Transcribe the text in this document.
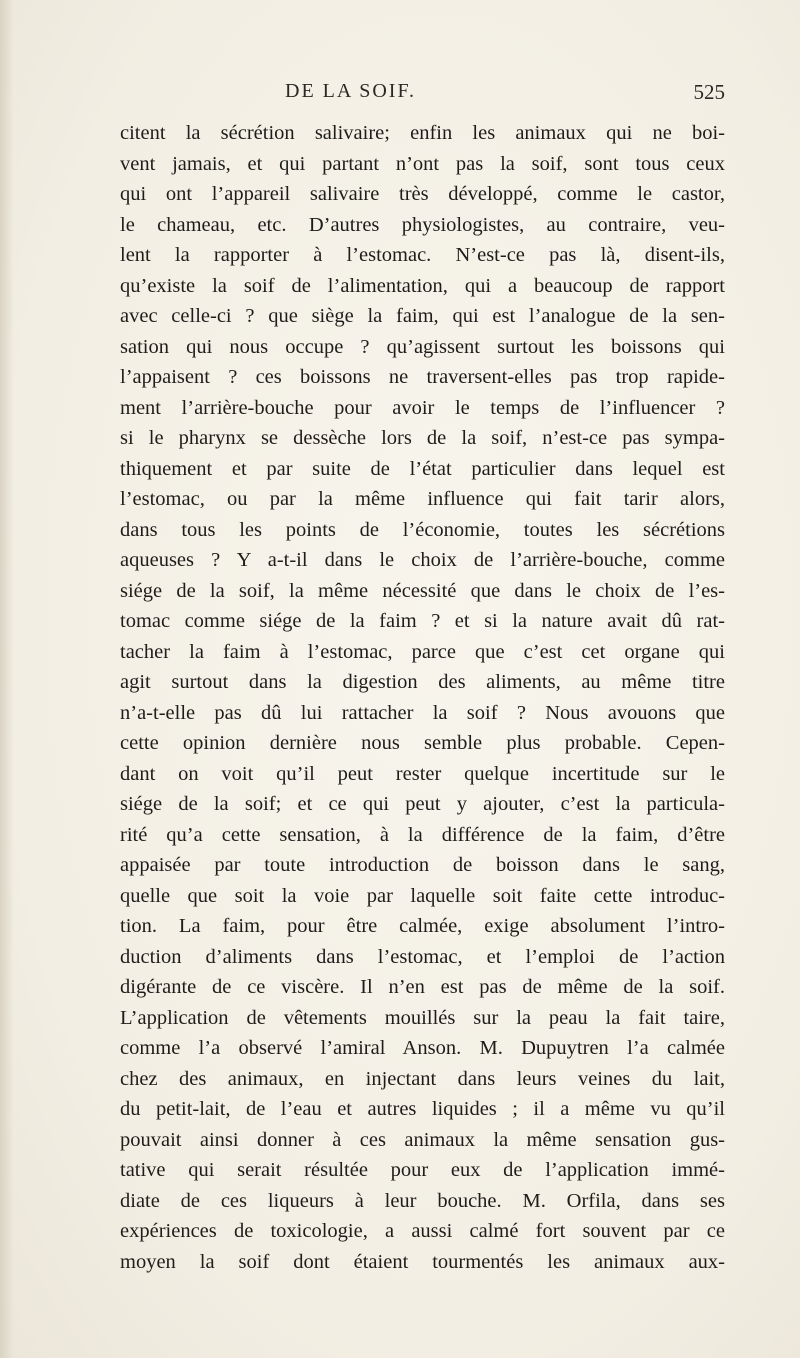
DE LA SOIF.	525
citent la sécrétion salivaire; enfin les animaux qui ne boi-
vent jamais, et qui partant n’ont pas la soif, sont tous ceux
qui ont l’appareil salivaire très développé, comme le castor,
le chameau, etc. D’autres physiologistes, au contraire, veu-
lent la rapporter à l’estomac. N’est-ce pas là, disent-ils,
qu’existe la soif de l’alimentation, qui a beaucoup de rapport
avec celle-ci ? que siège la faim, qui est l’analogue de la sen-
sation qui nous occupe ? qu’agissent surtout les boissons qui
l’appaisent ? ces boissons ne traversent-elles pas trop rapide-
ment l’arrière-bouche pour avoir le temps de l’influencer ?
si le pharynx se dessèche lors de la soif, n’est-ce pas sympa-
thiquement et par suite de l’état particulier dans lequel est
l’estomac, ou par la même influence qui fait tarir alors,
dans tous les points de l’économie, toutes les sécrétions
aqueuses ? Y a-t-il dans le choix de l’arrière-bouche, comme
siége de la soif, la même nécessité que dans le choix de l’es-
tomac comme siége de la faim ? et si la nature avait dû rat-
tacher la faim à l’estomac, parce que c’est cet organe qui
agit surtout dans la digestion des aliments, au même titre
n’a-t-elle pas dû lui rattacher la soif ? Nous avouons que
cette opinion dernière nous semble plus probable. Cepen-
dant on voit qu’il peut rester quelque incertitude sur le
siége de la soif; et ce qui peut y ajouter, c’est la particula-
rité qu’a cette sensation, à la différence de la faim, d’être
appaisée par toute introduction de boisson dans le sang,
quelle que soit la voie par laquelle soit faite cette introduc-
tion. La faim, pour être calmée, exige absolument l’intro-
duction d’aliments dans l’estomac, et l’emploi de l’action
digérante de ce viscère. Il n’en est pas de même de la soif.
L’application de vêtements mouillés sur la peau la fait taire,
comme l’a observé l’amiral Anson. M. Dupuytren l’a calmée
chez des animaux, en injectant dans leurs veines du lait,
du petit-lait, de l’eau et autres liquides ; il a même vu qu’il
pouvait ainsi donner à ces animaux la même sensation gus-
tative qui serait résultée pour eux de l’application immé-
diate de ces liqueurs à leur bouche. M. Orfila, dans ses
expériences de toxicologie, a aussi calmé fort souvent par ce
moyen la soif dont étaient tourmentés les animaux aux-
